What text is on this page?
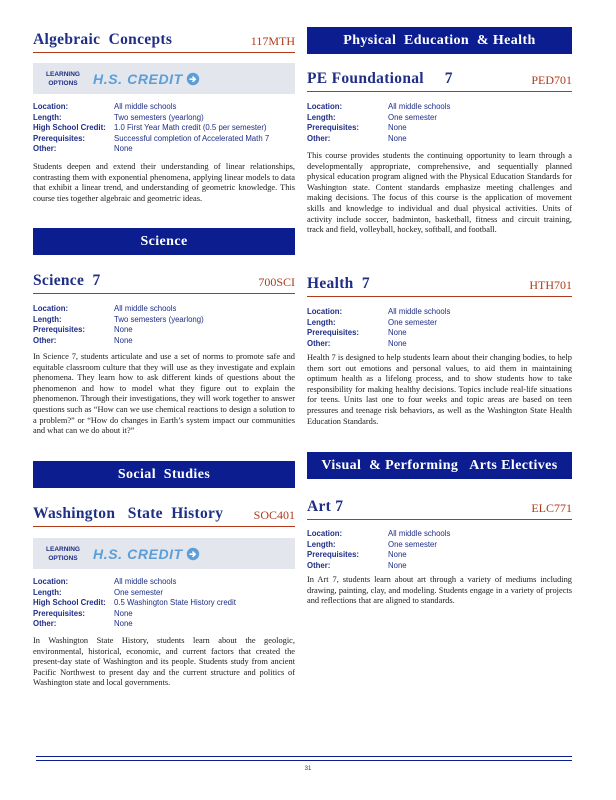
Algebraic  Concepts	117MTH
LEARNING
OPTIONS	H.S. CREDIT
Location:	All middle schools
Length:	Two semesters (yearlong)
High School Credit:	1.0 First Year Math credit (0.5 per semester)
Prerequisites:	Successful completion of Accelerated Math 7
Other:	None

Students deepen and extend their understanding of linear relationships, contrasting them with exponential phenomena, applying linear models to data that exhibit a linear trend, and understanding of geometric knowledge. This course ties together algebraic and geometric ideas.

Science
Science  7	700SCI
Location:	All middle schools
Length:	Two semesters (yearlong)
Prerequisites:	None
Other:	None

In Science 7, students articulate and use a set of norms to promote safe and equitable classroom culture that they will use as they investigate and explain phenomena. They learn how to ask different kinds of questions about the phenomenon and how to model what they figure out to explain the phenomenon. Through their investigations, they will work together to answer questions such as “How can we use chemical reactions to design a solution to a problem?” or “How do changes in Earth’s system impact our communities and what can we do about it?”

Social  Studies
Washington   State  History	SOC401
LEARNING
OPTIONS	H.S. CREDIT
Location:	All middle schools
Length:	One semester
High School Credit:	0.5 Washington State History credit
Prerequisites:	None
Other:	None

In Washington State History, students learn about the geologic, environmental, historical, economic, and current factors that created the present-day state of Washington and its people. Students study from ancient Pacific Northwest to present day and the current structure and politics of Washington state and local governments.

Physical  Education  & Health
PE Foundational     7	PED701
Location:	All middle schools
Length:	One semester
Prerequisites:	None
Other:	None

This course provides students the continuing opportunity to learn through a developmentally appropriate, comprehensive, and sequentially planned physical education program aligned with the Physical Education Standards for Washington state. Content standards emphasize meeting challenges and making decisions. The focus of this course is the application of movement skills and knowledge to individual and dual physical activities. Units of activity include soccer, badminton, basketball, fitness and circuit training, track and field, volleyball, hockey, softball, and football.

Health  7	HTH701
Location:	All middle schools
Length:	One semester
Prerequisites:	None
Other:	None

Health 7 is designed to help students learn about their changing bodies, to help them sort out emotions and personal values, to aid them in maintaining optimum health as a lifelong process, and to show students how to take responsibility for making healthy decisions. Topics include real-life situations for teens. Units last one to four weeks and topic areas are based on teen pressures and teenage risk behaviors, as well as the Washington State Health Education Standards.

Visual  & Performing   Arts Electives
Art 7	ELC771
Location:	All middle schools
Length:	One semester
Prerequisites:	None
Other:	None

In Art 7, students learn about art through a variety of mediums including drawing, painting, clay, and modeling. Students engage in a variety of projects and reflections that are aligned to standards.

31
